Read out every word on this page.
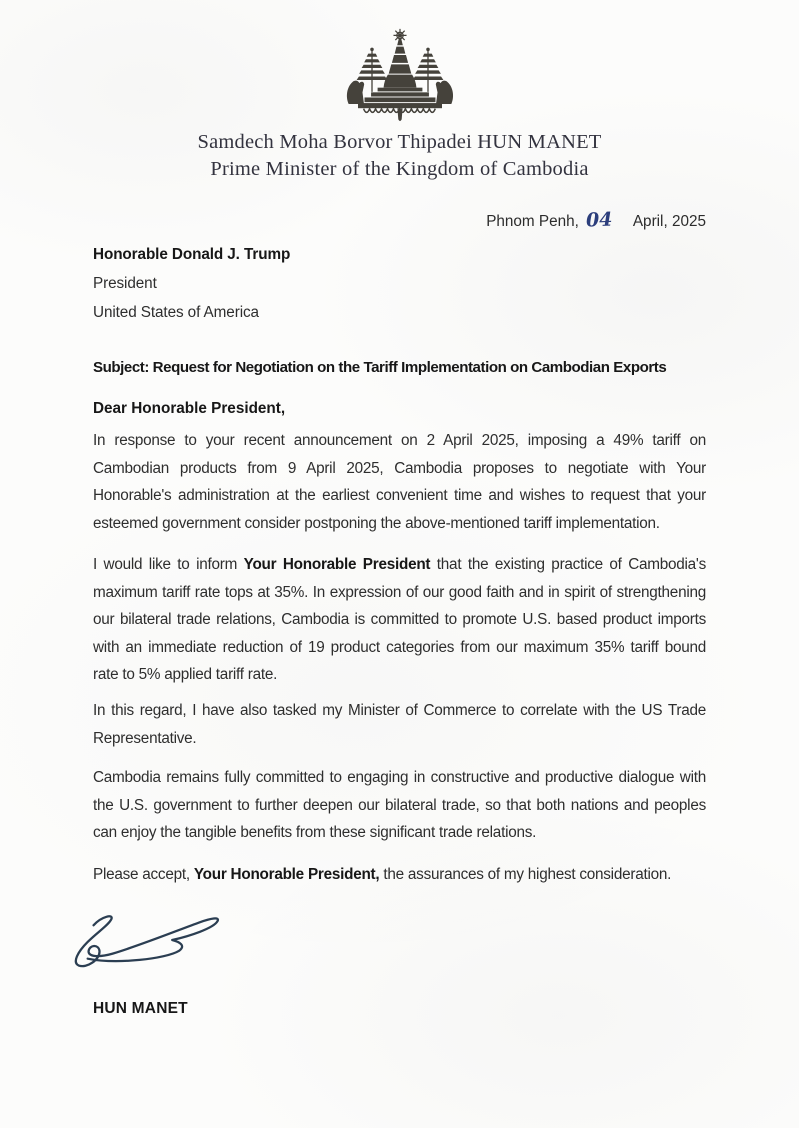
Samdech Moha Borvor Thipadei HUN MANET
Prime Minister of the Kingdom of Cambodia
Phnom Penh, 04 April, 2025
Honorable Donald J. Trump
President
United States of America
Subject: Request for Negotiation on the Tariff Implementation on Cambodian Exports
Dear Honorable President,

In response to your recent announcement on 2 April 2025, imposing a 49% tariff on Cambodian products from 9 April 2025, Cambodia proposes to negotiate with Your Honorable's administration at the earliest convenient time and wishes to request that your esteemed government consider postponing the above-mentioned tariff implementation.

I would like to inform Your Honorable President that the existing practice of Cambodia's maximum tariff rate tops at 35%. In expression of our good faith and in spirit of strengthening our bilateral trade relations, Cambodia is committed to promote U.S. based product imports with an immediate reduction of 19 product categories from our maximum 35% tariff bound rate to 5% applied tariff rate.

In this regard, I have also tasked my Minister of Commerce to correlate with the US Trade Representative.

Cambodia remains fully committed to engaging in constructive and productive dialogue with the U.S. government to further deepen our bilateral trade, so that both nations and peoples can enjoy the tangible benefits from these significant trade relations.

Please accept, Your Honorable President, the assurances of my highest consideration.

HUN MANET
